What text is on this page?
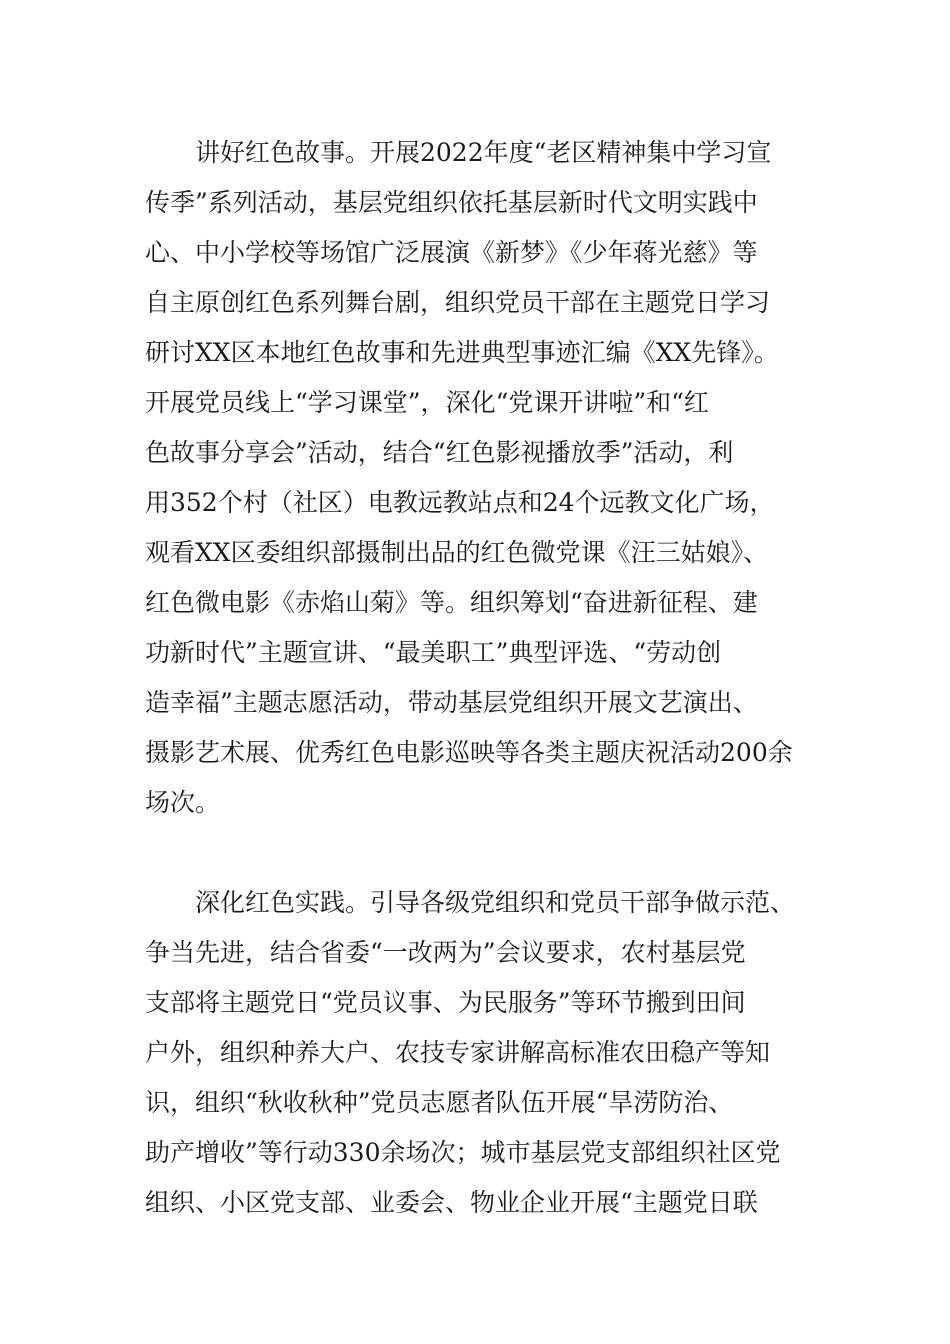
讲好红色故事。开展2022年度“老区精神集中学习宣
传季”系列活动，基层党组织依托基层新时代文明实践中
心、中小学校等场馆广泛展演《新梦》《少年蒋光慈》等
自主原创红色系列舞台剧，组织党员干部在主题党日学习
研讨XX区本地红色故事和先进典型事迹汇编《XX先锋》。
开展党员线上“学习课堂”，深化“党课开讲啦”和“红
色故事分享会”活动，结合“红色影视播放季”活动，利
用352个村（社区）电教远教站点和24个远教文化广场，
观看XX区委组织部摄制出品的红色微党课《汪三姑娘》、
红色微电影《赤焰山菊》等。组织筹划“奋进新征程、建
功新时代”主题宣讲、“最美职工”典型评选、“劳动创
造幸福”主题志愿活动，带动基层党组织开展文艺演出、
摄影艺术展、优秀红色电影巡映等各类主题庆祝活动200余
场次。
深化红色实践。引导各级党组织和党员干部争做示范、
争当先进，结合省委“一改两为”会议要求，农村基层党
支部将主题党日“党员议事、为民服务”等环节搬到田间
户外，组织种养大户、农技专家讲解高标准农田稳产等知
识，组织“秋收秋种”党员志愿者队伍开展“旱涝防治、
助产增收”等行动330余场次；城市基层党支部组织社区党
组织、小区党支部、业委会、物业企业开展“主题党日联
